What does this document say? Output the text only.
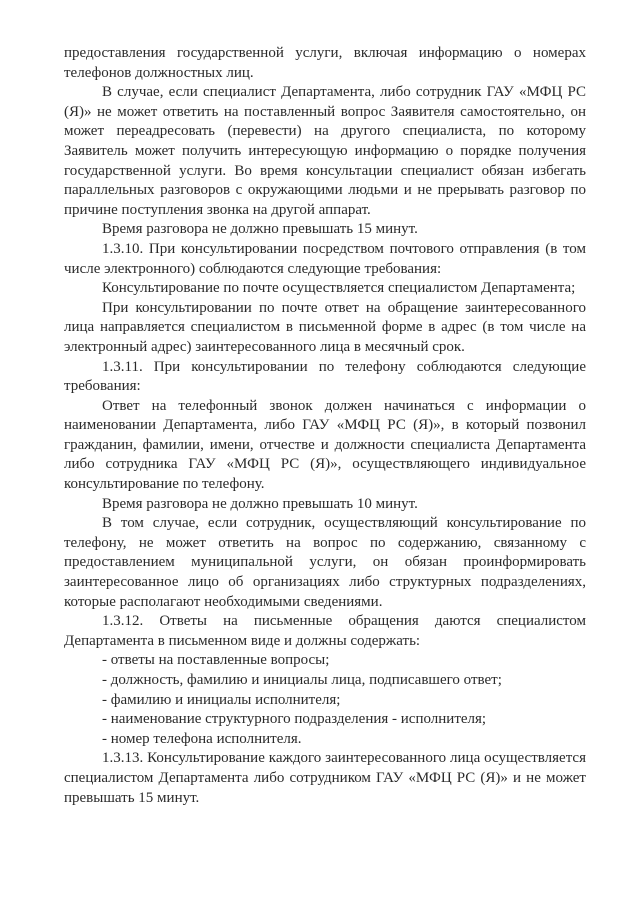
предоставления государственной услуги, включая информацию о номерах телефонов должностных лиц.

В случае, если специалист Департамента, либо сотрудник ГАУ «МФЦ РС (Я)» не может ответить на поставленный вопрос Заявителя самостоятельно, он может переадресовать (перевести) на другого специалиста, по которому Заявитель может получить интересующую информацию о порядке получения государственной услуги. Во время консультации специалист обязан избегать параллельных разговоров с окружающими людьми и не прерывать разговор по причине поступления звонка на другой аппарат.

Время разговора не должно превышать 15 минут.

1.3.10. При консультировании посредством почтового отправления (в том числе электронного) соблюдаются следующие требования:

Консультирование по почте осуществляется специалистом Департамента;

При консультировании по почте ответ на обращение заинтересованного лица направляется специалистом в письменной форме в адрес (в том числе на электронный адрес) заинтересованного лица в месячный срок.

1.3.11. При консультировании по телефону соблюдаются следующие требования:

Ответ на телефонный звонок должен начинаться с информации о наименовании Департамента, либо ГАУ «МФЦ РС (Я)», в который позвонил гражданин, фамилии, имени, отчестве и должности специалиста Департамента либо сотрудника ГАУ «МФЦ РС (Я)», осуществляющего индивидуальное консультирование по телефону.

Время разговора не должно превышать 10 минут.

В том случае, если сотрудник, осуществляющий консультирование по телефону, не может ответить на вопрос по содержанию, связанному с предоставлением муниципальной услуги, он обязан проинформировать заинтересованное лицо об организациях либо структурных подразделениях, которые располагают необходимыми сведениями.

1.3.12. Ответы на письменные обращения даются специалистом Департамента в письменном виде и должны содержать:

- ответы на поставленные вопросы;

- должность, фамилию и инициалы лица, подписавшего ответ;

- фамилию и инициалы исполнителя;

- наименование структурного подразделения - исполнителя;

- номер телефона исполнителя.

1.3.13. Консультирование каждого заинтересованного лица осуществляется специалистом Департамента либо сотрудником ГАУ «МФЦ РС (Я)» и не может превышать 15 минут.
